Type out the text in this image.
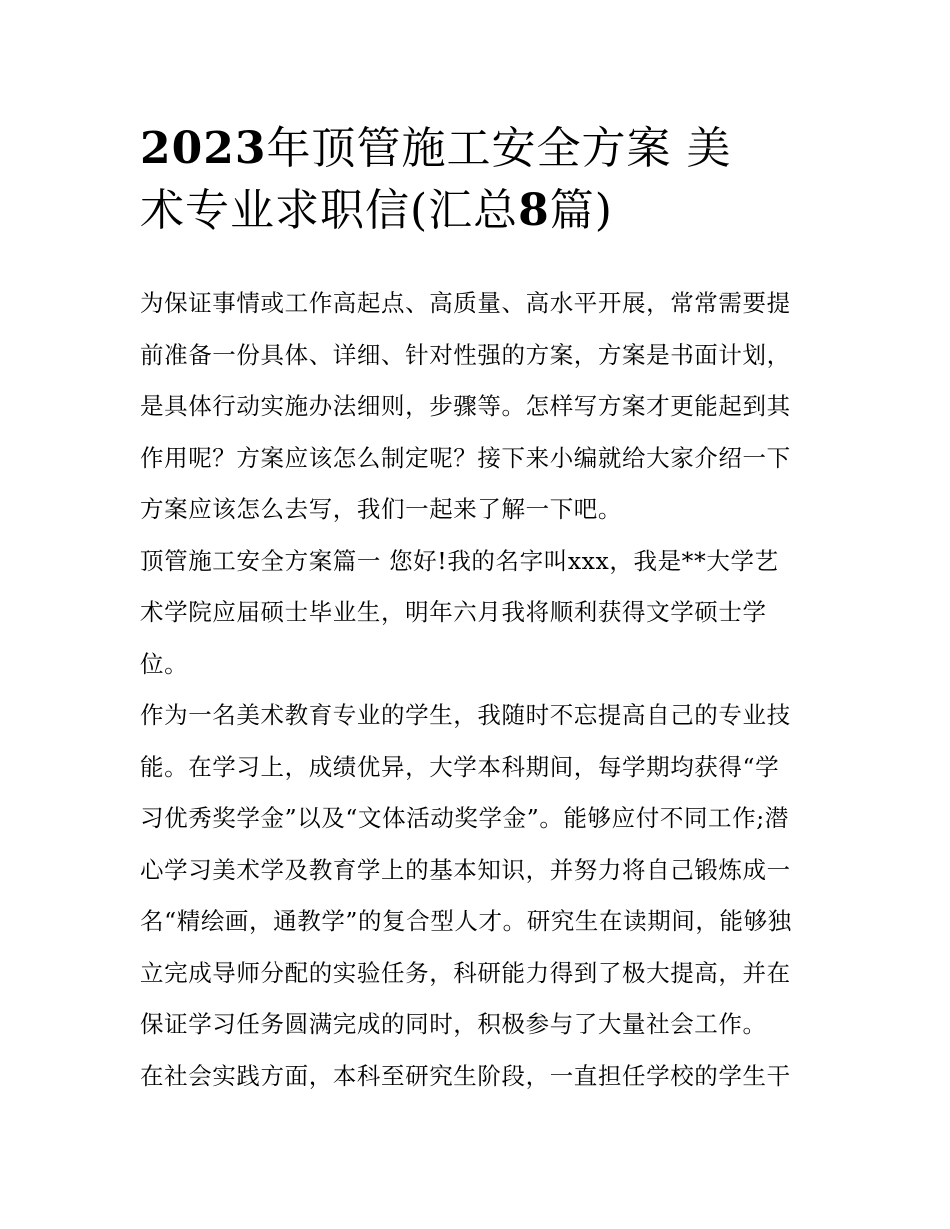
2023年顶管施工安全方案 美
术专业求职信(汇总8篇)
为保证事情或工作高起点、高质量、高水平开展，常常需要提
前准备一份具体、详细、针对性强的方案，方案是书面计划，
是具体行动实施办法细则，步骤等。怎样写方案才更能起到其
作用呢？方案应该怎么制定呢？接下来小编就给大家介绍一下
方案应该怎么去写，我们一起来了解一下吧。
顶管施工安全方案篇一 您好!我的名字叫xxx，我是**大学艺
术学院应届硕士毕业生，明年六月我将顺利获得文学硕士学
位。
作为一名美术教育专业的学生，我随时不忘提高自己的专业技
能。在学习上，成绩优异，大学本科期间，每学期均获得“学
习优秀奖学金”以及“文体活动奖学金”。能够应付不同工作;潜
心学习美术学及教育学上的基本知识，并努力将自己锻炼成一
名“精绘画，通教学”的复合型人才。研究生在读期间，能够独
立完成导师分配的实验任务，科研能力得到了极大提高，并在
保证学习任务圆满完成的同时，积极参与了大量社会工作。
在社会实践方面，本科至研究生阶段，一直担任学校的学生干
